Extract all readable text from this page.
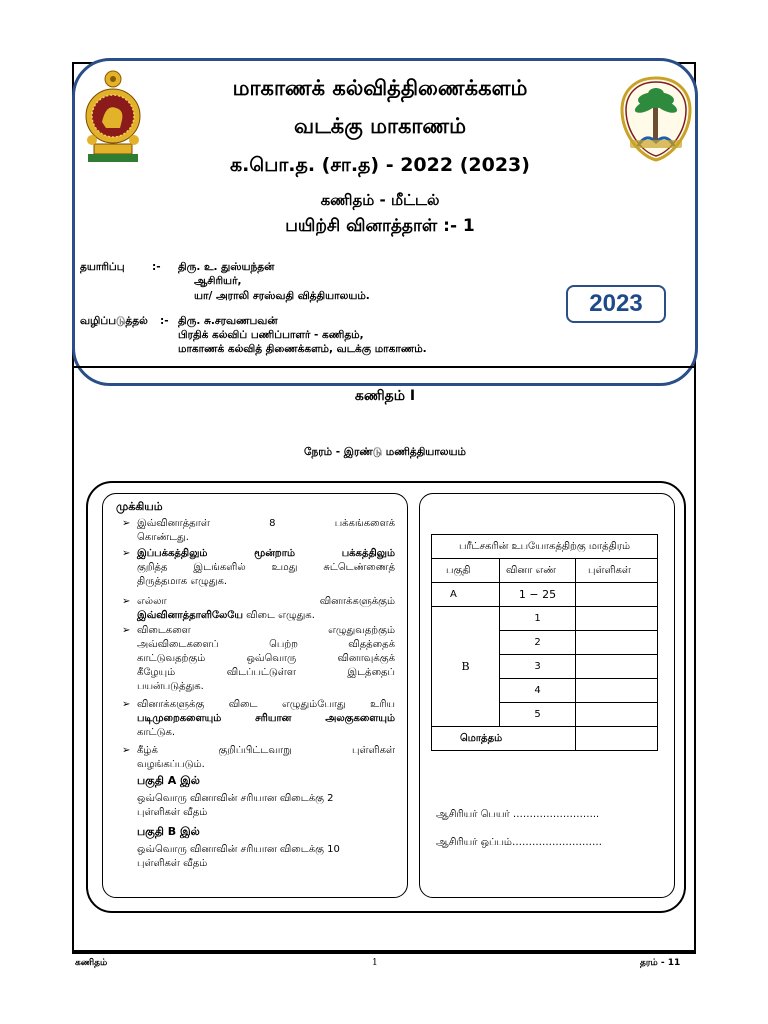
மாகாணக் கல்வித்திணைக்களம்
வடக்கு மாகாணம்
க.பொ.த. (சா.த) - 2022 (2023)
கணிதம் - மீட்டல்
பயிற்சி வினாத்தாள் :- 1
தயாரிப்பு	:- திரு. உ. துஸ்யந்தன்
ஆசிரியர்,
யா/ அராலி சரஸ்வதி வித்தியாலயம்.
வழிப்படுத்தல் :- திரு. சு.சரவணபவன்
பிரதிக் கல்விப் பணிப்பாளர் - கணிதம்,
மாகாணக் கல்வித் திணைக்களம், வடக்கு மாகாணம்.
2023
கணிதம் I
நேரம் - இரண்டு மணித்தியாலயம்
முக்கியம்
➢ இவ்வினாத்தாள் 8 பக்கங்களைக்
கொண்டது.
➢ இப்பக்கத்திலும் மூன்றாம் பக்கத்திலும்
குறித்த இடங்களில் உமது சுட்டெண்ணைத்
திருத்தமாக எழுதுக.
➢ எல்லா வினாக்களுக்கும்
இவ்வினாத்தாளிலேயே விடை எழுதுக.
➢ விடைகளை எழுதுவதற்கும்
அவ்விடைகளைப் பெற்ற விதத்தைக்
காட்டுவதற்கும் ஒவ்வொரு வினாவுக்குக்
கீழேயும் விடப்பட்டுள்ள இடத்தைப்
பயன்படுத்துக.
➢ வினாக்களுக்கு விடை எழுதும்போது உரிய
படிமுறைகளையும் சரியான அலகுகளையும்
காட்டுக.
➢ கீழ்க் குறிப்பிட்டவாறு புள்ளிகள்
வழங்கப்படும்.
பகுதி A இல்
ஒவ்வொரு வினாவின் சரியான விடைக்கு 2
புள்ளிகள் வீதம்
பகுதி B இல்
ஒவ்வொரு வினாவின் சரியான விடைக்கு 10
புள்ளிகள் வீதம்
பரீட்சகரின் உபயோகத்திற்கு மாத்திரம்		
பகுதி	வினா எண்	புள்ளிகள்
A	1 − 25	
B	1	
	2	
	3	
	4	
	5	
மொத்தம்		
ஆசிரியர் பெயர் ……………………..
ஆசிரியர் ஒப்பம்………………………
கணிதம்	1	தரம் - 11
